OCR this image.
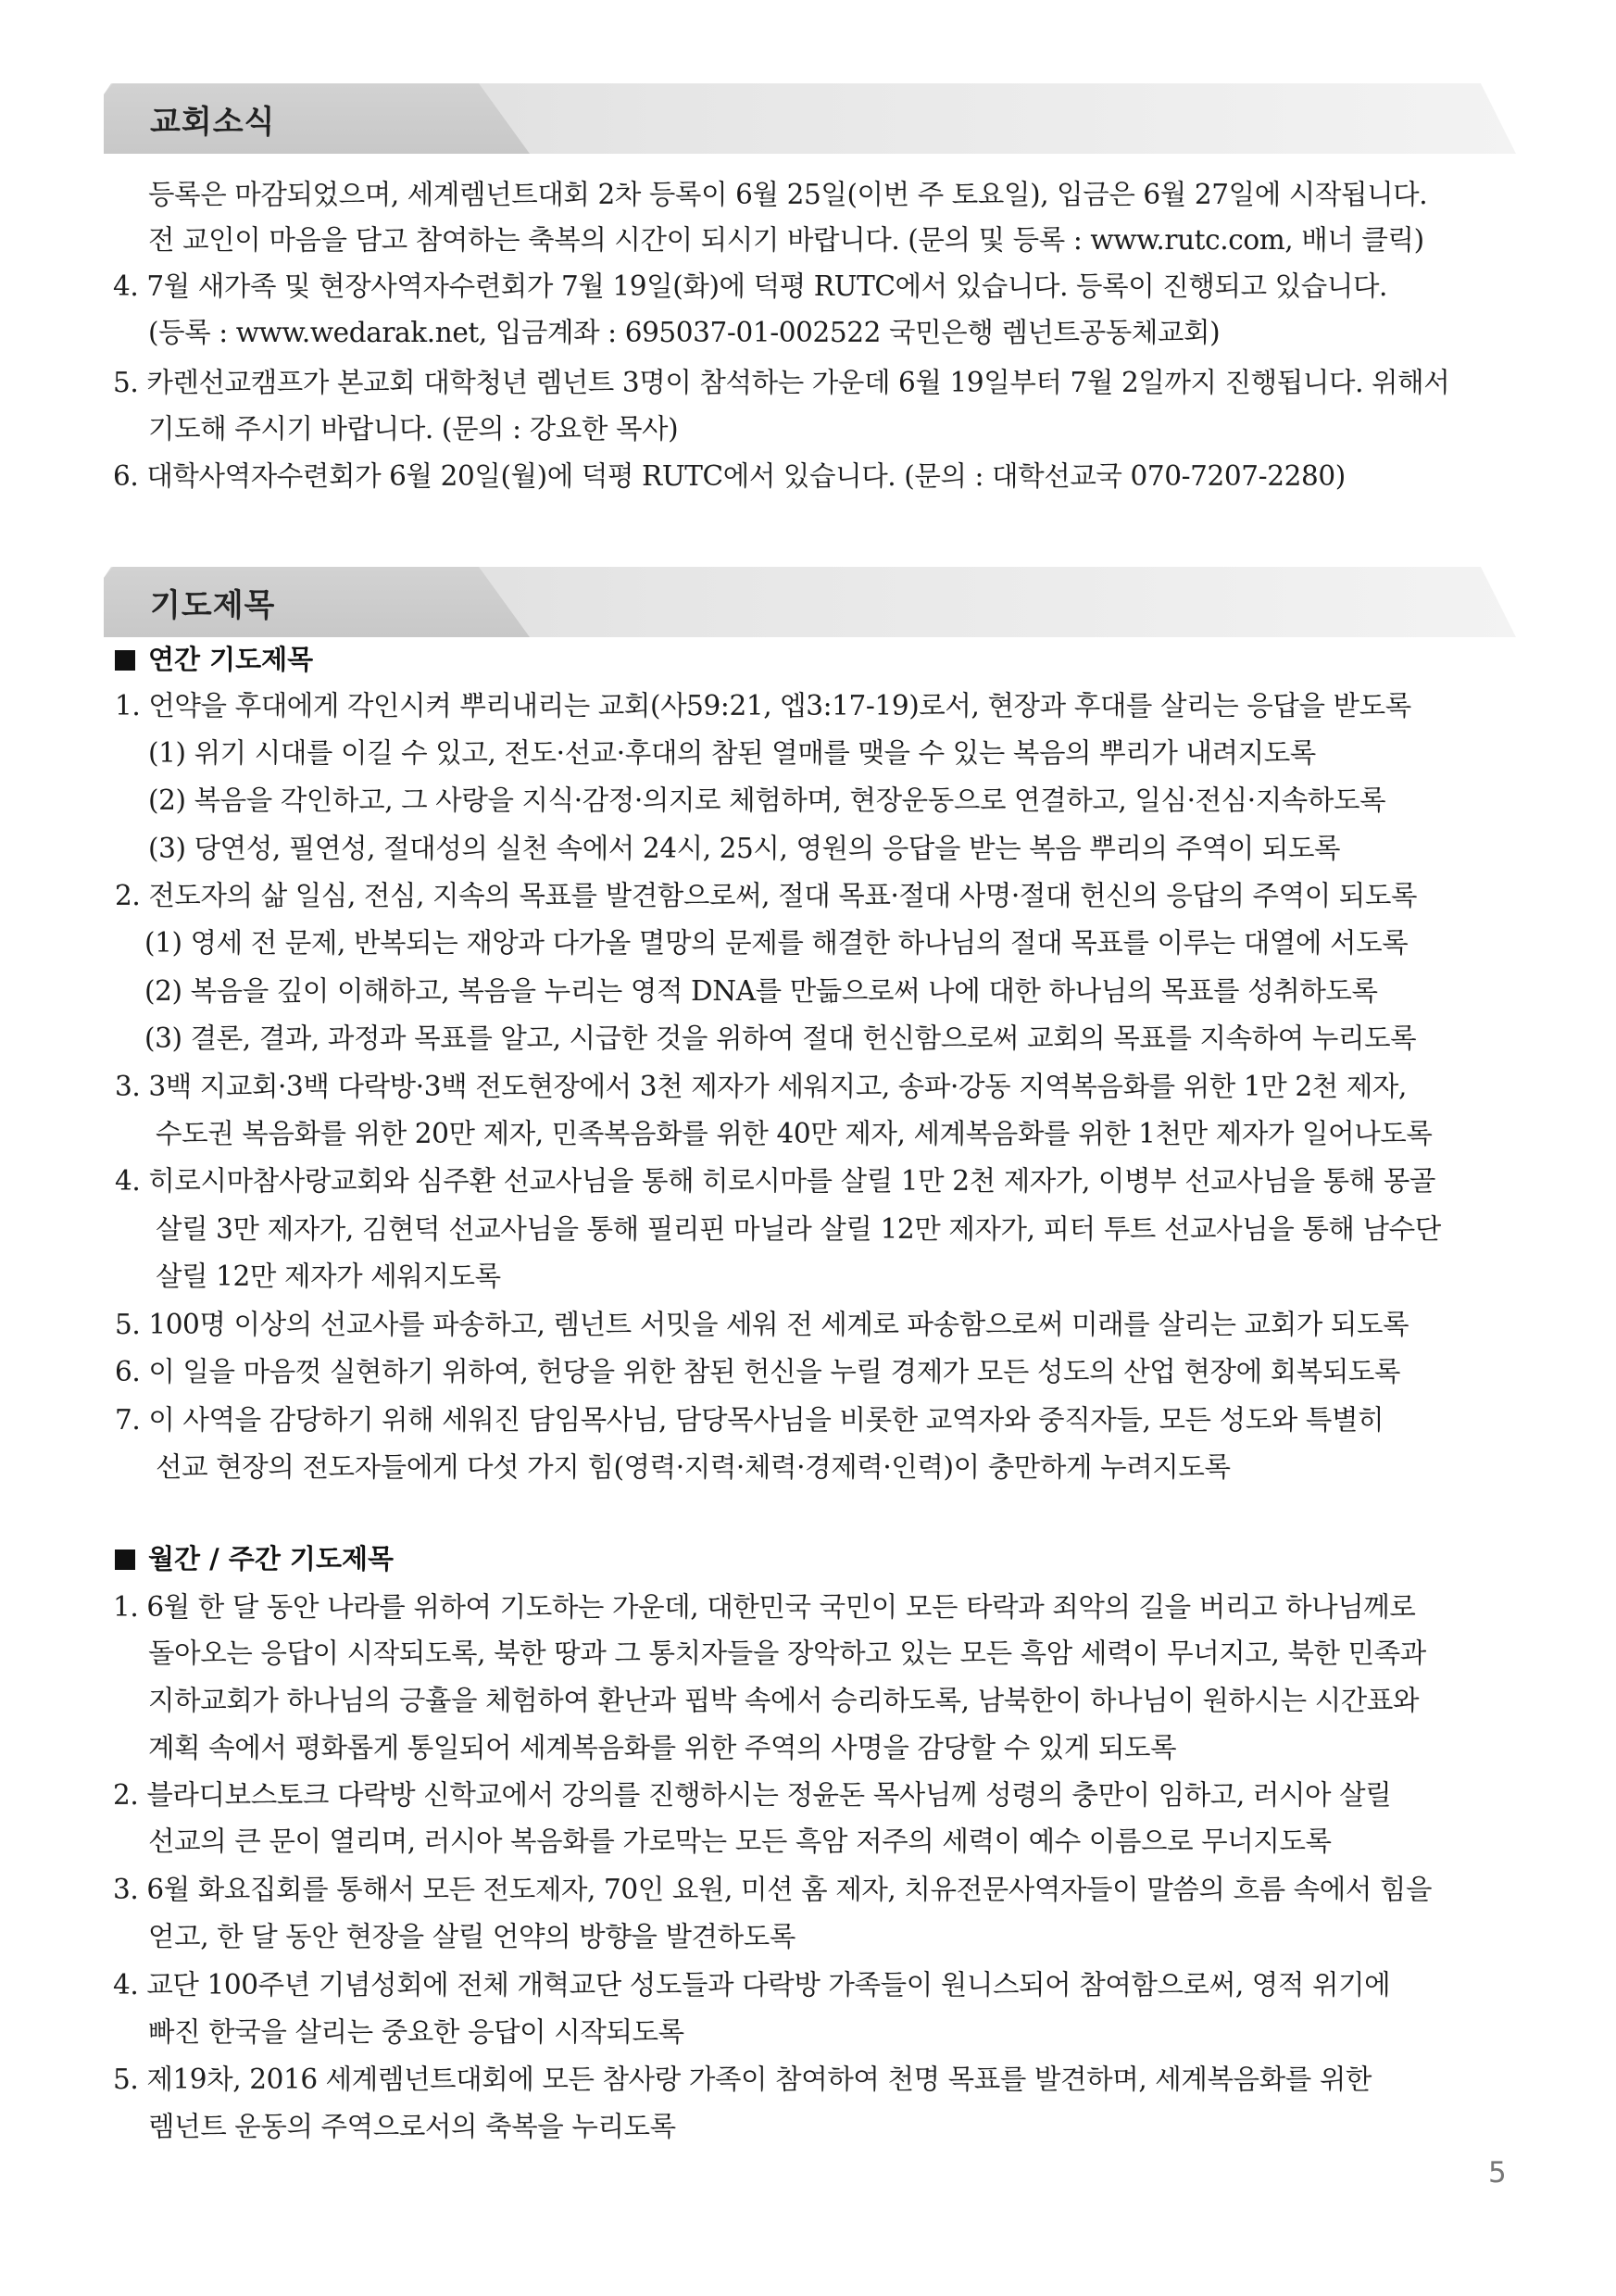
교회소식
등록은 마감되었으며, 세계렘넌트대회 2차 등록이 6월 25일(이번 주 토요일), 입금은 6월 27일에 시작됩니다.
전 교인이 마음을 담고 참여하는 축복의 시간이 되시기 바랍니다. (문의 및 등록 : www.rutc.com, 배너 클릭)
4. 7월 새가족 및 현장사역자수련회가 7월 19일(화)에 덕평 RUTC에서 있습니다. 등록이 진행되고 있습니다.
(등록 : www.wedarak.net, 입금계좌 : 695037-01-002522 국민은행 렘넌트공동체교회)
5. 카렌선교캠프가 본교회 대학청년 렘넌트 3명이 참석하는 가운데 6월 19일부터 7월 2일까지 진행됩니다. 위해서
기도해 주시기 바랍니다. (문의 : 강요한 목사)
6. 대학사역자수련회가 6월 20일(월)에 덕평 RUTC에서 있습니다. (문의 : 대학선교국 070-7207-2280)
기도제목
연간 기도제목
1. 언약을 후대에게 각인시켜 뿌리내리는 교회(사59:21, 엡3:17-19)로서, 현장과 후대를 살리는 응답을 받도록
(1) 위기 시대를 이길 수 있고, 전도·선교·후대의 참된 열매를 맺을 수 있는 복음의 뿌리가 내려지도록
(2) 복음을 각인하고, 그 사랑을 지식·감정·의지로 체험하며, 현장운동으로 연결하고, 일심·전심·지속하도록
(3) 당연성, 필연성, 절대성의 실천 속에서 24시, 25시, 영원의 응답을 받는 복음 뿌리의 주역이 되도록
2. 전도자의 삶 일심, 전심, 지속의 목표를 발견함으로써, 절대 목표·절대 사명·절대 헌신의 응답의 주역이 되도록
(1) 영세 전 문제, 반복되는 재앙과 다가올 멸망의 문제를 해결한 하나님의 절대 목표를 이루는 대열에 서도록
(2) 복음을 깊이 이해하고, 복음을 누리는 영적 DNA를 만듦으로써 나에 대한 하나님의 목표를 성취하도록
(3) 결론, 결과, 과정과 목표를 알고, 시급한 것을 위하여 절대 헌신함으로써 교회의 목표를 지속하여 누리도록
3. 3백 지교회·3백 다락방·3백 전도현장에서 3천 제자가 세워지고, 송파·강동 지역복음화를 위한 1만 2천 제자,
수도권 복음화를 위한 20만 제자, 민족복음화를 위한 40만 제자, 세계복음화를 위한 1천만 제자가 일어나도록
4. 히로시마참사랑교회와 심주환 선교사님을 통해 히로시마를 살릴 1만 2천 제자가, 이병부 선교사님을 통해 몽골
살릴 3만 제자가, 김현덕 선교사님을 통해 필리핀 마닐라 살릴 12만 제자가, 피터 투트 선교사님을 통해 남수단
살릴 12만 제자가 세워지도록
5. 100명 이상의 선교사를 파송하고, 렘넌트 서밋을 세워 전 세계로 파송함으로써 미래를 살리는 교회가 되도록
6. 이 일을 마음껏 실현하기 위하여, 헌당을 위한 참된 헌신을 누릴 경제가 모든 성도의 산업 현장에 회복되도록
7. 이 사역을 감당하기 위해 세워진 담임목사님, 담당목사님을 비롯한 교역자와 중직자들, 모든 성도와 특별히
선교 현장의 전도자들에게 다섯 가지 힘(영력·지력·체력·경제력·인력)이 충만하게 누려지도록
월간 / 주간 기도제목
1. 6월 한 달 동안 나라를 위하여 기도하는 가운데, 대한민국 국민이 모든 타락과 죄악의 길을 버리고 하나님께로
돌아오는 응답이 시작되도록, 북한 땅과 그 통치자들을 장악하고 있는 모든 흑암 세력이 무너지고, 북한 민족과
지하교회가 하나님의 긍휼을 체험하여 환난과 핍박 속에서 승리하도록, 남북한이 하나님이 원하시는 시간표와
계획 속에서 평화롭게 통일되어 세계복음화를 위한 주역의 사명을 감당할 수 있게 되도록
2. 블라디보스토크 다락방 신학교에서 강의를 진행하시는 정윤돈 목사님께 성령의 충만이 임하고, 러시아 살릴
선교의 큰 문이 열리며, 러시아 복음화를 가로막는 모든 흑암 저주의 세력이 예수 이름으로 무너지도록
3. 6월 화요집회를 통해서 모든 전도제자, 70인 요원, 미션 홈 제자, 치유전문사역자들이 말씀의 흐름 속에서 힘을
얻고, 한 달 동안 현장을 살릴 언약의 방향을 발견하도록
4. 교단 100주년 기념성회에 전체 개혁교단 성도들과 다락방 가족들이 원니스되어 참여함으로써, 영적 위기에
빠진 한국을 살리는 중요한 응답이 시작되도록
5. 제19차, 2016 세계렘넌트대회에 모든 참사랑 가족이 참여하여 천명 목표를 발견하며, 세계복음화를 위한
렘넌트 운동의 주역으로서의 축복을 누리도록
5
